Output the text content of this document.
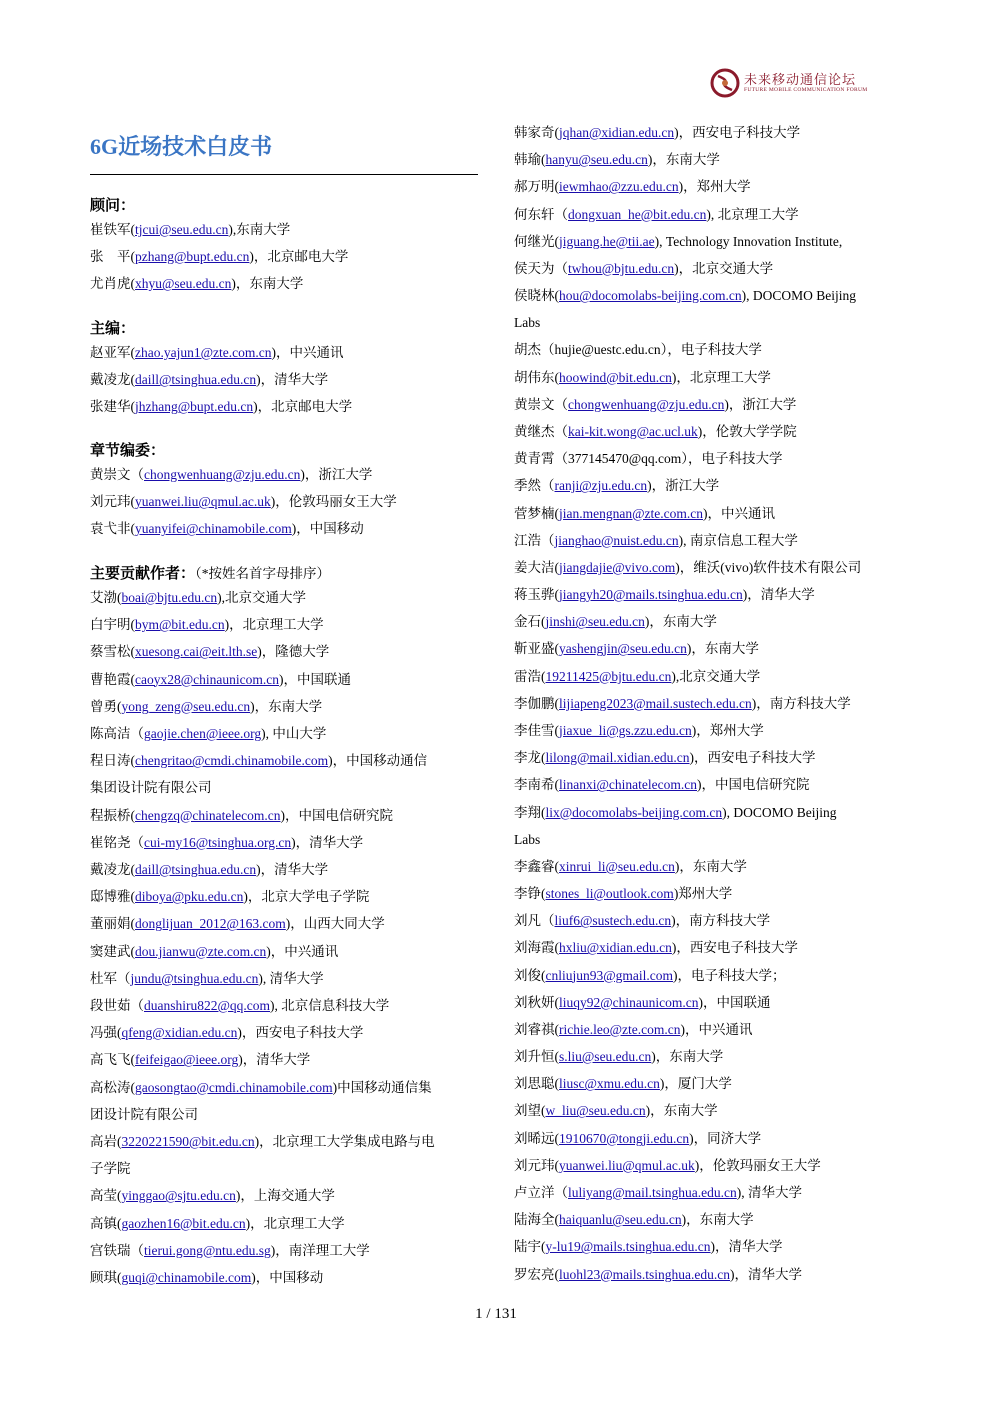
未来移动通信论坛
FUTURE MOBILE COMMUNICATION FORUM
6G近场技术白皮书
顾问：
崔铁军(tjcui@seu.edu.cn),东南大学
张　平(pzhang@bupt.edu.cn)，北京邮电大学
尤肖虎(xhyu@seu.edu.cn)，东南大学
主编：
赵亚军(zhao.yajun1@zte.com.cn)，中兴通讯
戴凌龙(daill@tsinghua.edu.cn)，清华大学
张建华(jhzhang@bupt.edu.cn)，北京邮电大学
章节编委：
黄崇文（chongwenhuang@zju.edu.cn)，浙江大学
刘元玮(yuanwei.liu@qmul.ac.uk)，伦敦玛丽女王大学
袁弋非(yuanyifei@chinamobile.com)，中国移动
主要贡献作者：（*按姓名首字母排序）
艾渤(boai@bjtu.edu.cn),北京交通大学
白宇明(bym@bit.edu.cn)，北京理工大学
蔡雪松(xuesong.cai@eit.lth.se)，隆德大学
曹艳霞(caoyx28@chinaunicom.cn)，中国联通
曾勇(yong_zeng@seu.edu.cn)，东南大学
陈高洁（gaojie.chen@ieee.org), 中山大学
程日涛(chengritao@cmdi.chinamobile.com)，中国移动通信
集团设计院有限公司
程振桥(chengzq@chinatelecom.cn)，中国电信研究院
崔铭尧（cui-my16@tsinghua.org.cn)，清华大学
戴凌龙(daill@tsinghua.edu.cn)，清华大学
邸博雅(diboya@pku.edu.cn)，北京大学电子学院
董丽娟(donglijuan_2012@163.com)，山西大同大学
窦建武(dou.jianwu@zte.com.cn)，中兴通讯
杜军（jundu@tsinghua.edu.cn), 清华大学
段世茹（duanshiru822@qq.com), 北京信息科技大学
冯强(qfeng@xidian.edu.cn)，西安电子科技大学
高飞飞(feifeigao@ieee.org)，清华大学
高松涛(gaosongtao@cmdi.chinamobile.com)中国移动通信集
团设计院有限公司
高岩(3220221590@bit.edu.cn)，北京理工大学集成电路与电
子学院
高莹(yinggao@sjtu.edu.cn)，上海交通大学
高镇(gaozhen16@bit.edu.cn)，北京理工大学
宫铁瑞（tierui.gong@ntu.edu.sg)，南洋理工大学
顾琪(guqi@chinamobile.com)，中国移动
韩家奇(jqhan@xidian.edu.cn)，西安电子科技大学
韩瑜(hanyu@seu.edu.cn)，东南大学
郝万明(iewmhao@zzu.edu.cn)，郑州大学
何东轩（dongxuan_he@bit.edu.cn), 北京理工大学
何继光(jiguang.he@tii.ae), Technology Innovation Institute,
侯天为（twhou@bjtu.edu.cn)，北京交通大学
侯晓林(hou@docomolabs-beijing.com.cn), DOCOMO Beijing
Labs
胡杰（hujie@uestc.edu.cn），电子科技大学
胡伟东(hoowind@bit.edu.cn)，北京理工大学
黄崇文（chongwenhuang@zju.edu.cn)，浙江大学
黄继杰（kai-kit.wong@ac.ucl.uk)，伦敦大学学院
黄青霄（377145470@qq.com），电子科技大学
季然（ranji@zju.edu.cn)，浙江大学
菅梦楠(jian.mengnan@zte.com.cn)，中兴通讯
江浩（jianghao@nuist.edu.cn), 南京信息工程大学
姜大洁(jiangdajie@vivo.com)，维沃(vivo)软件技术有限公司
蒋玉骅(jiangyh20@mails.tsinghua.edu.cn)，清华大学
金石(jinshi@seu.edu.cn)，东南大学
靳亚盛(yashengjin@seu.edu.cn)，东南大学
雷浩(19211425@bjtu.edu.cn),北京交通大学
李伽鹏(lijiapeng2023@mail.sustech.edu.cn)，南方科技大学
李佳雪(jiaxue_li@gs.zzu.edu.cn)，郑州大学
李龙(lilong@mail.xidian.edu.cn)，西安电子科技大学
李南希(linanxi@chinatelecom.cn)，中国电信研究院
李翔(lix@docomolabs-beijing.com.cn), DOCOMO Beijing
Labs
李鑫睿(xinrui_li@seu.edu.cn)，东南大学
李铮(stones_li@outlook.com)郑州大学
刘凡（liuf6@sustech.edu.cn)，南方科技大学
刘海霞(hxliu@xidian.edu.cn)，西安电子科技大学
刘俊(cnliujun93@gmail.com)，电子科技大学；
刘秋妍(liuqy92@chinaunicom.cn)，中国联通
刘睿祺(richie.leo@zte.com.cn)，中兴通讯
刘升恒(s.liu@seu.edu.cn)，东南大学
刘思聪(liusc@xmu.edu.cn)，厦门大学
刘望(w_liu@seu.edu.cn)，东南大学
刘晞远(1910670@tongji.edu.cn)，同济大学
刘元玮(yuanwei.liu@qmul.ac.uk)，伦敦玛丽女王大学
卢立洋（luliyang@mail.tsinghua.edu.cn), 清华大学
陆海全(haiquanlu@seu.edu.cn)，东南大学
陆宇(y-lu19@mails.tsinghua.edu.cn)，清华大学
罗宏亮(luohl23@mails.tsinghua.edu.cn)，清华大学
1 / 131
